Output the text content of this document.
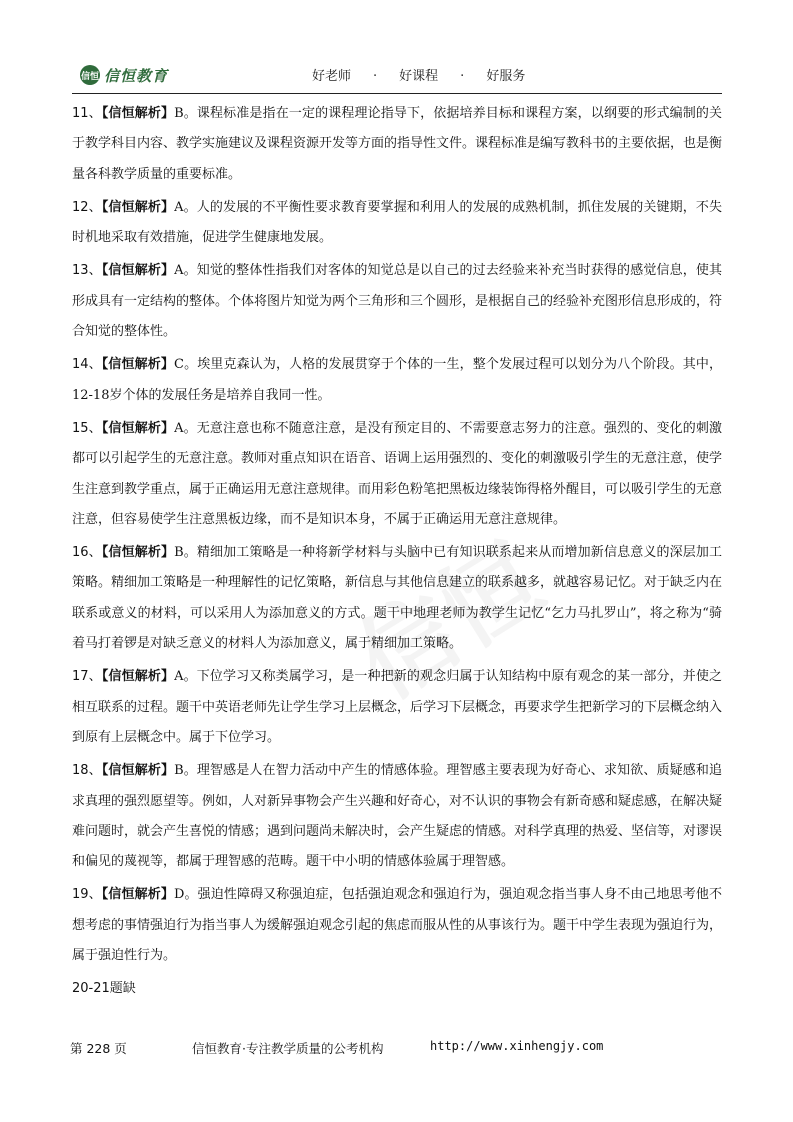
信恒 信恒教育	好老师 · 好课程 · 好服务

11、【信恒解析】B。课程标准是指在一定的课程理论指导下，依据培养目标和课程方案，以纲要的形式编制的关于教学科目内容、教学实施建议及课程资源开发等方面的指导性文件。课程标准是编写教科书的主要依据，也是衡量各科教学质量的重要标准。

12、【信恒解析】A。人的发展的不平衡性要求教育要掌握和利用人的发展的成熟机制，抓住发展的关键期，不失时机地采取有效措施，促进学生健康地发展。

13、【信恒解析】A。知觉的整体性指我们对客体的知觉总是以自己的过去经验来补充当时获得的感觉信息，使其形成具有一定结构的整体。个体将图片知觉为两个三角形和三个圆形，是根据自己的经验补充图形信息形成的，符合知觉的整体性。

14、【信恒解析】C。埃里克森认为，人格的发展贯穿于个体的一生，整个发展过程可以划分为八个阶段。其中，12-18岁个体的发展任务是培养自我同一性。

15、【信恒解析】A。无意注意也称不随意注意，是没有预定目的、不需要意志努力的注意。强烈的、变化的刺激都可以引起学生的无意注意。教师对重点知识在语音、语调上运用强烈的、变化的刺激吸引学生的无意注意，使学生注意到教学重点，属于正确运用无意注意规律。而用彩色粉笔把黑板边缘装饰得格外醒目，可以吸引学生的无意注意，但容易使学生注意黑板边缘，而不是知识本身，不属于正确运用无意注意规律。

16、【信恒解析】B。精细加工策略是一种将新学材料与头脑中已有知识联系起来从而增加新信息意义的深层加工策略。精细加工策略是一种理解性的记忆策略，新信息与其他信息建立的联系越多，就越容易记忆。对于缺乏内在联系或意义的材料，可以采用人为添加意义的方式。题干中地理老师为教学生记忆“乞力马扎罗山”，将之称为“骑着马打着锣是对缺乏意义的材料人为添加意义，属于精细加工策略。

17、【信恒解析】A。下位学习又称类属学习，是一种把新的观念归属于认知结构中原有观念的某一部分，并使之相互联系的过程。题干中英语老师先让学生学习上层概念，后学习下层概念，再要求学生把新学习的下层概念纳入到原有上层概念中。属于下位学习。

18、【信恒解析】B。理智感是人在智力活动中产生的情感体验。理智感主要表现为好奇心、求知欲、质疑感和追求真理的强烈愿望等。例如，人对新异事物会产生兴趣和好奇心，对不认识的事物会有新奇感和疑虑感，在解决疑难问题时，就会产生喜悦的情感；遇到问题尚未解决时，会产生疑虑的情感。对科学真理的热爱、坚信等，对谬误和偏见的蔑视等，都属于理智感的范畴。题干中小明的情感体验属于理智感。

19、【信恒解析】D。强迫性障碍又称强迫症，包括强迫观念和强迫行为，强迫观念指当事人身不由己地思考他不想考虑的事情强迫行为指当事人为缓解强迫观念引起的焦虑而服从性的从事该行为。题干中学生表现为强迫行为，属于强迫性行为。

20-21题缺
第 228 页	信恒教育·专注教学质量的公考机构	http://www.xinhengjy.com
